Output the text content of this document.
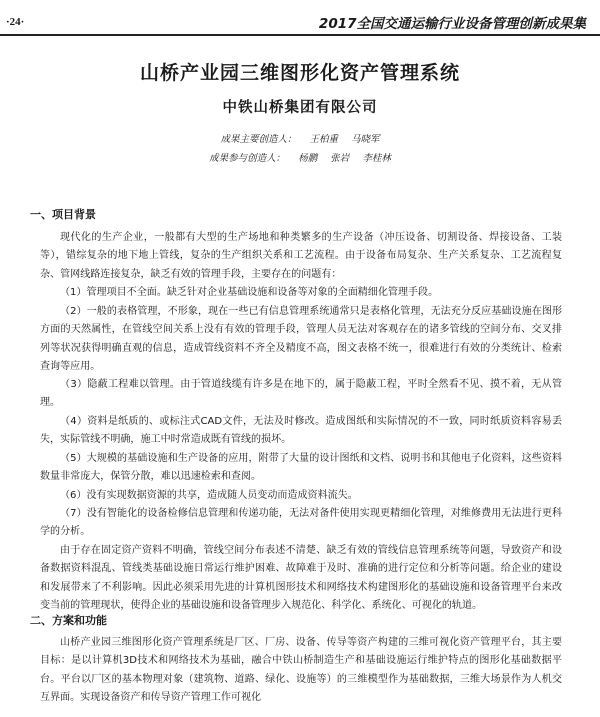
·24·	2017全国交通运输行业设备管理创新成果集
山桥产业园三维图形化资产管理系统
中铁山桥集团有限公司
成果主要创造人： 王柏重 马晓军
成果参与创造人： 杨鹏 张岩 李桂林
一、项目背景

现代化的生产企业，一般都有大型的生产场地和种类繁多的生产设备（冲压设备、切割设备、焊接设备、工装等），错综复杂的地下地上管线，复杂的生产组织关系和工艺流程。由于设备布局复杂、生产关系复杂、工艺流程复杂、管网线路连接复杂，缺乏有效的管理手段，主要存在的问题有：

（1）管理项目不全面。缺乏针对企业基础设施和设备等对象的全面精细化管理手段。

（2）一般的表格管理，不形象，现在一些已有信息管理系统通常只是表格化管理，无法充分反应基础设施在图形方面的天然属性，在管线空间关系上没有有效的管理手段，管理人员无法对客观存在的诸多管线的空间分布、交叉排列等状况获得明确直观的信息，造成管线资料不齐全及精度不高，图文表格不统一，很难进行有效的分类统计、检索查询等应用。

（3）隐蔽工程难以管理。由于管道线缆有许多是在地下的，属于隐蔽工程，平时全然看不见、摸不着，无从管理。

（4）资料是纸质的、或标注式CAD文件，无法及时修改。造成图纸和实际情况的不一致，同时纸质资料容易丢失，实际管线不明确，施工中时常造成既有管线的损坏。

（5）大规模的基础设施和生产设备的应用，附带了大量的设计图纸和文档、说明书和其他电子化资料，这些资料数量非常庞大，保管分散，难以迅速检索和查阅。

（6）没有实现数据资源的共享，造成随人员变动而造成资料流失。

（7）没有智能化的设备检修信息管理和传递功能，无法对备件使用实现更精细化管理，对维修费用无法进行更科学的分析。

由于存在固定资产资料不明确，管线空间分布表述不清楚、缺乏有效的管线信息管理系统等问题，导致资产和设备数据资料混乱、管线类基础设施日常运行维护困难、故障难于及时、准确的进行定位和分析等问题。给企业的建设和发展带来了不利影响。因此必须采用先进的计算机图形技术和网络技术构建图形化的基础设施和设备管理平台来改变当前的管理现状，使得企业的基础设施和设备管理步入规范化、科学化、系统化、可视化的轨道。

二、方案和功能

山桥产业园三维图形化资产管理系统是厂区、厂房、设备、传导等资产构建的三维可视化资产管理平台，其主要目标：是以计算机3D技术和网络技术为基础，融合中铁山桥制造生产和基础设施运行维护特点的图形化基础数据平台。平台以厂区的基本物理对象（建筑物、道路、绿化、设施等）的三维模型作为基础数据，三维大场景作为人机交互界面。实现设备资产和传导资产管理工作可视化
